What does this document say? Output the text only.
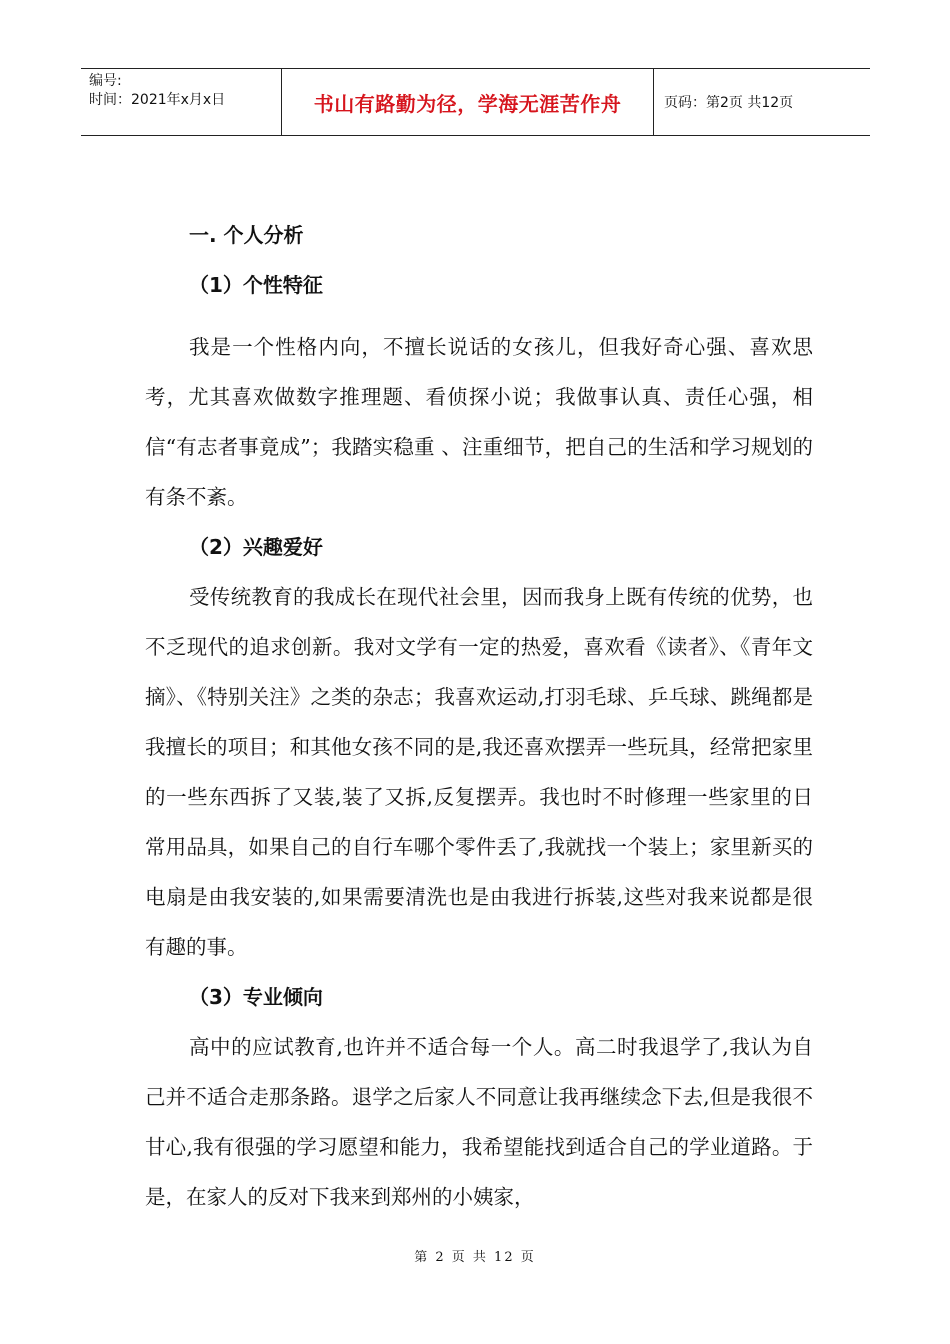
编号:
时间：2021年x月x日	书山有路勤为径，学海无涯苦作舟	页码：第2页 共12页
一. 个人分析
（1）个性特征

我是一个性格内向，不擅长说话的女孩儿，但我好奇心强、喜欢思考，尤其喜欢做数字推理题、看侦探小说；我做事认真、责任心强，相信“有志者事竟成”；我踏实稳重 、注重细节，把自己的生活和学习规划的有条不紊。

（2）兴趣爱好

受传统教育的我成长在现代社会里，因而我身上既有传统的优势，也不乏现代的追求创新。我对文学有一定的热爱，喜欢看《读者》、《青年文摘》、《特别关注》之类的杂志；我喜欢运动,打羽毛球、乒乓球、跳绳都是我擅长的项目；和其他女孩不同的是,我还喜欢摆弄一些玩具，经常把家里的一些东西拆了又装,装了又拆,反复摆弄。我也时不时修理一些家里的日常用品具，如果自己的自行车哪个零件丢了,我就找一个装上；家里新买的电扇是由我安装的,如果需要清洗也是由我进行拆装,这些对我来说都是很有趣的事。

（3）专业倾向

高中的应试教育,也许并不适合每一个人。高二时我退学了,我认为自己并不适合走那条路。退学之后家人不同意让我再继续念下去,但是我很不甘心,我有很强的学习愿望和能力，我希望能找到适合自己的学业道路。于是，在家人的反对下我来到郑州的小姨家，

第 2 页 共 12 页
